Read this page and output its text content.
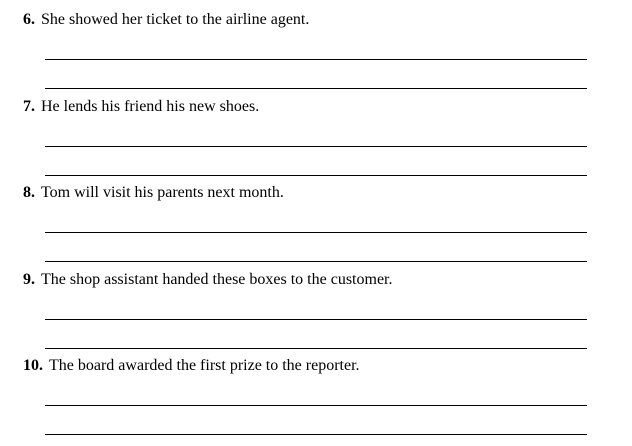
6. She showed her ticket to the airline agent.
7. He lends his friend his new shoes.
8. Tom will visit his parents next month.
9. The shop assistant handed these boxes to the customer.
10. The board awarded the first prize to the reporter.
